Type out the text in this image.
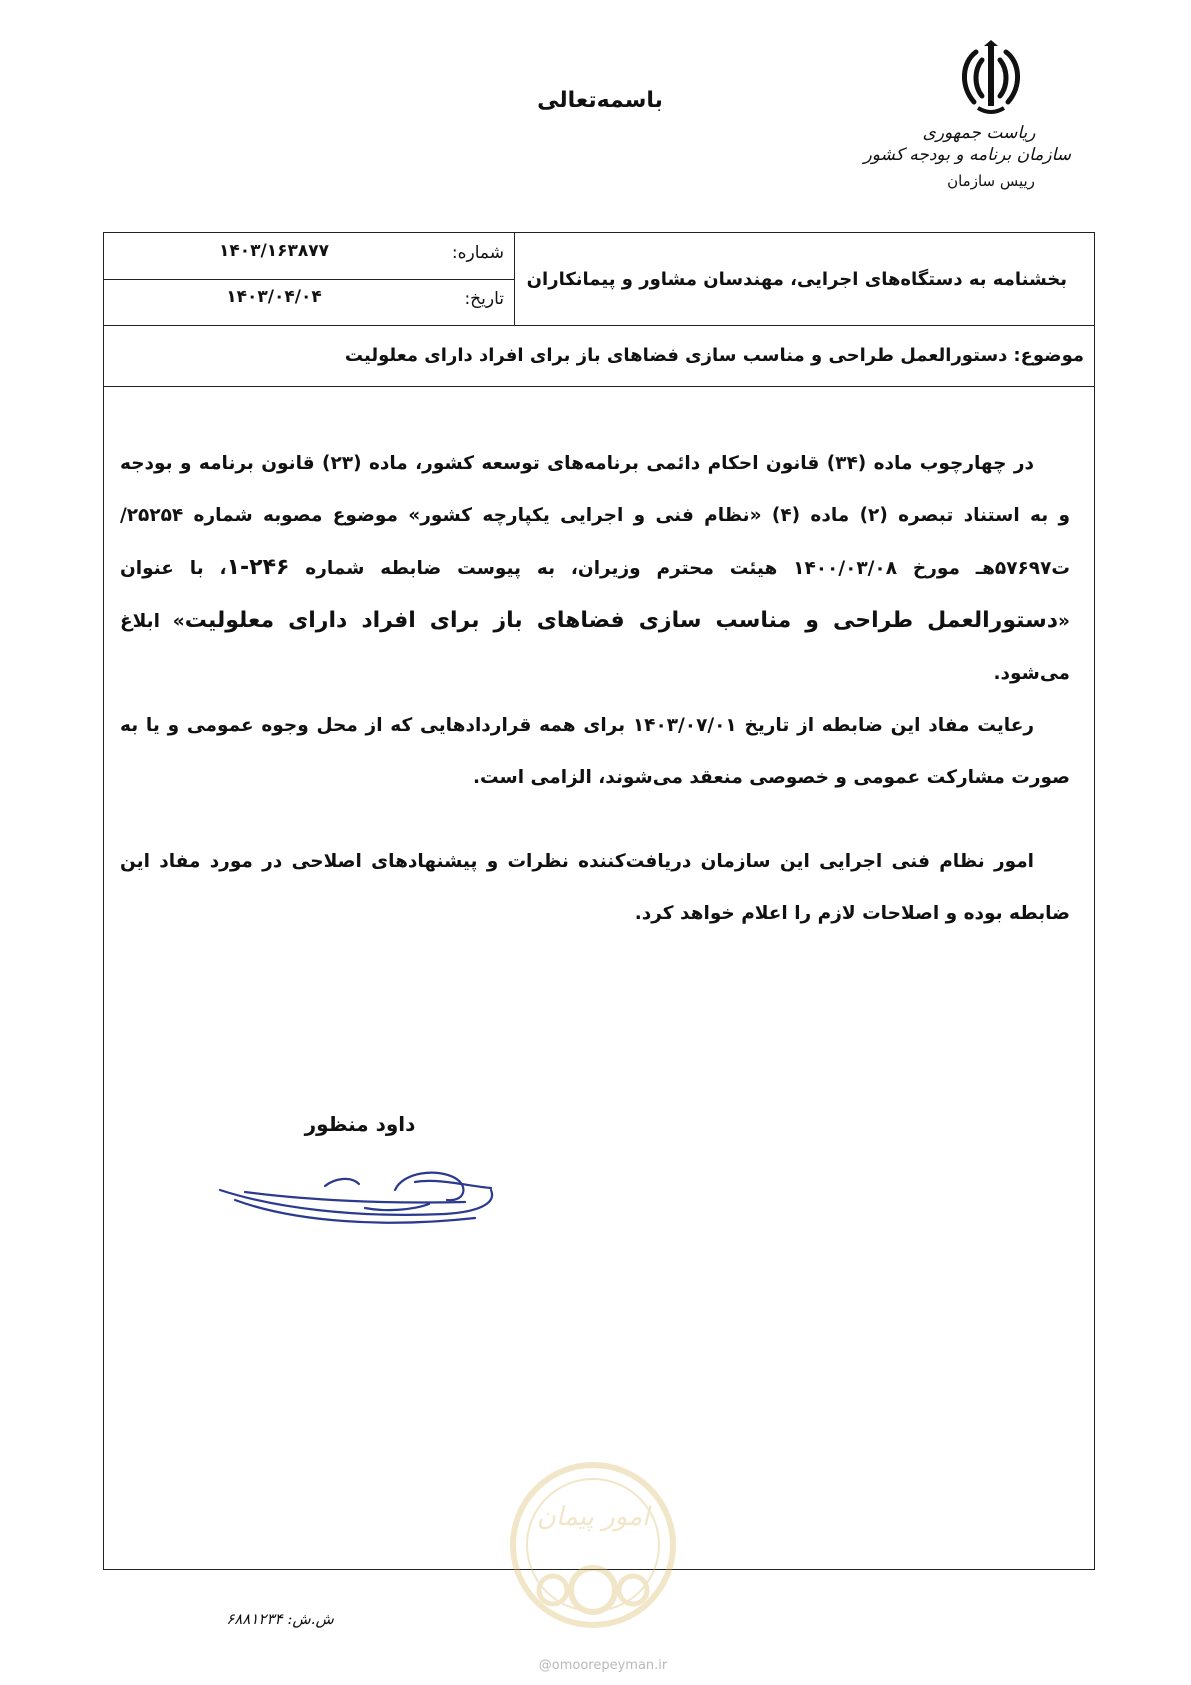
باسمه‌تعالی
ریاست جمهوری
سازمان برنامه و بودجه کشور
رییس سازمان
شماره:
۱۴۰۳/۱۶۳۸۷۷
تاریخ:
۱۴۰۳/۰۴/۰۴
بخشنامه به دستگاه‌های اجرایی، مهندسان مشاور و پیمانکاران
موضوع:
دستورالعمل طراحی و مناسب سازی فضاهای باز برای افراد دارای معلولیت

در چهارچوب ماده (۳۴) قانون احکام دائمی برنامه‌های توسعه کشور، ماده (۲۳) قانون برنامه و بودجه و به استناد تبصره (۲) ماده (۴) «نظام فنی و اجرایی یکپارچه کشور» موضوع مصوبه شماره ۲۵۲۵۴/ت۵۷۶۹۷هـ مورخ ۱۴۰۰/۰۳/۰۸ هیئت محترم وزیران، به پیوست ضابطه شماره ۲۴۶-۱، با عنوان «دستورالعمل طراحی و مناسب سازی فضاهای باز برای افراد دارای معلولیت» ابلاغ می‌شود.

رعایت مفاد این ضابطه از تاریخ ۱۴۰۳/۰۷/۰۱ برای همه قراردادهایی که از محل وجوه عمومی و یا به صورت مشارکت عمومی و خصوصی منعقد می‌شوند، الزامی است.

امور نظام فنی اجرایی این سازمان دریافت‌کننده نظرات و پیشنهادهای اصلاحی در مورد مفاد این ضابطه بوده و اصلاحات لازم را اعلام خواهد کرد.

داود منظور
امور پیمان
ش.ش: ۶۸۸۱۲۳۴
@omoorepeyman.ir
